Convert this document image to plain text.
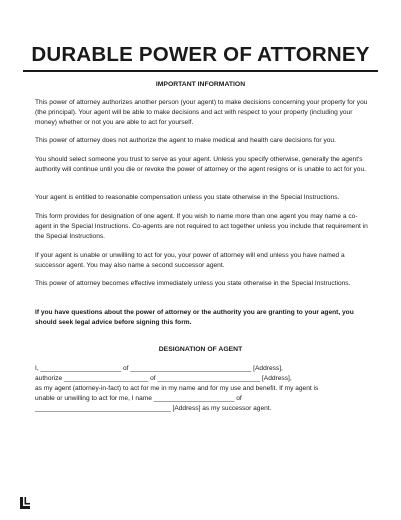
DURABLE POWER OF ATTORNEY
IMPORTANT INFORMATION

This power of attorney authorizes another person (your agent) to make decisions concerning your property for you (the principal). Your agent will be able to make decisions and act with respect to your property (including your money) whether or not you are able to act for yourself.

This power of attorney does not authorize the agent to make medical and health care decisions for you.

You should select someone you trust to serve as your agent. Unless you specify otherwise, generally the agent's authority will continue until you die or revoke the power of attorney or the agent resigns or is unable to act for you.

Your agent is entitled to reasonable compensation unless you state otherwise in the Special Instructions.

This form provides for designation of one agent. If you wish to name more than one agent you may name a co-agent in the Special Instructions. Co-agents are not required to act together unless you include that requirement in the Special Instructions.

If your agent is unable or unwilling to act for you, your power of attorney will end unless you have named a successor agent. You may also name a second successor agent.

This power of attorney becomes effective immediately unless you state otherwise in the Special Instructions.

If you have questions about the power of attorney or the authority you are granting to your agent, you should seek legal advice before signing this form.

DESIGNATION OF AGENT
I, ______________________ of _________________________________ [Address],
authorize _______________________ of ____________________________ [Address],
as my agent (attorney-in-fact) to act for me in my name and for my use and benefit. If my agent is
unable or unwilling to act for me, I name ______________________ of
_____________________________________ [Address] as my successor agent.
